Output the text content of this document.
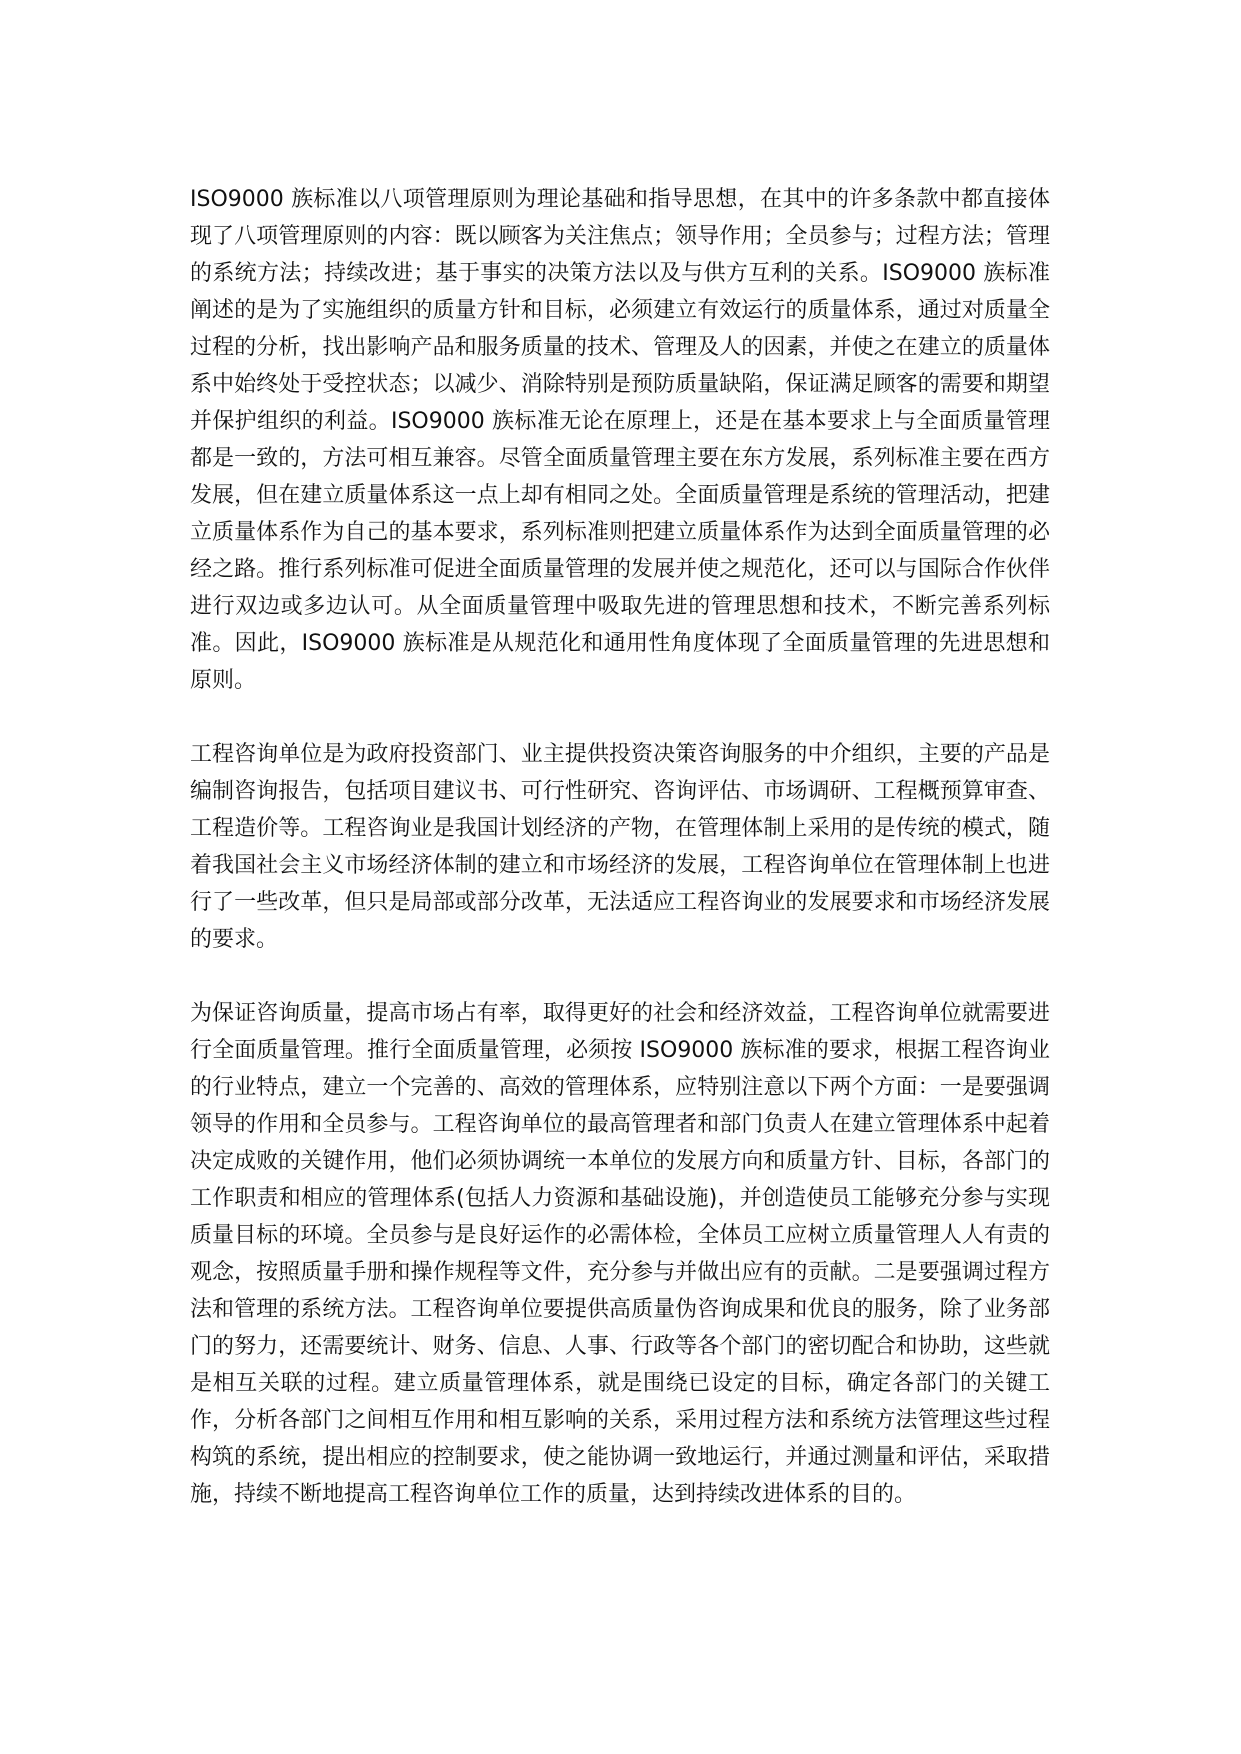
ISO9000 族标准以八项管理原则为理论基础和指导思想，在其中的许多条款中都直接体现了八项管理原则的内容：既以顾客为关注焦点；领导作用；全员参与；过程方法；管理的系统方法；持续改进；基于事实的决策方法以及与供方互利的关系。ISO9000 族标准阐述的是为了实施组织的质量方针和目标，必须建立有效运行的质量体系，通过对质量全过程的分析，找出影响产品和服务质量的技术、管理及人的因素，并使之在建立的质量体系中始终处于受控状态；以减少、消除特别是预防质量缺陷，保证满足顾客的需要和期望并保护组织的利益。ISO9000 族标准无论在原理上，还是在基本要求上与全面质量管理都是一致的，方法可相互兼容。尽管全面质量管理主要在东方发展，系列标准主要在西方发展，但在建立质量体系这一点上却有相同之处。全面质量管理是系统的管理活动，把建立质量体系作为自己的基本要求，系列标准则把建立质量体系作为达到全面质量管理的必经之路。推行系列标准可促进全面质量管理的发展并使之规范化，还可以与国际合作伙伴进行双边或多边认可。从全面质量管理中吸取先进的管理思想和技术，不断完善系列标准。因此，ISO9000 族标准是从规范化和通用性角度体现了全面质量管理的先进思想和原则。

工程咨询单位是为政府投资部门、业主提供投资决策咨询服务的中介组织，主要的产品是编制咨询报告，包括项目建议书、可行性研究、咨询评估、市场调研、工程概预算审查、工程造价等。工程咨询业是我国计划经济的产物，在管理体制上采用的是传统的模式，随着我国社会主义市场经济体制的建立和市场经济的发展，工程咨询单位在管理体制上也进行了一些改革，但只是局部或部分改革，无法适应工程咨询业的发展要求和市场经济发展的要求。

为保证咨询质量，提高市场占有率，取得更好的社会和经济效益，工程咨询单位就需要进行全面质量管理。推行全面质量管理，必须按 ISO9000 族标准的要求，根据工程咨询业的行业特点，建立一个完善的、高效的管理体系，应特别注意以下两个方面：一是要强调领导的作用和全员参与。工程咨询单位的最高管理者和部门负责人在建立管理体系中起着决定成败的关键作用，他们必须协调统一本单位的发展方向和质量方针、目标，各部门的工作职责和相应的管理体系(包括人力资源和基础设施)，并创造使员工能够充分参与实现质量目标的环境。全员参与是良好运作的必需体检，全体员工应树立质量管理人人有责的观念，按照质量手册和操作规程等文件，充分参与并做出应有的贡献。二是要强调过程方法和管理的系统方法。工程咨询单位要提供高质量伪咨询成果和优良的服务，除了业务部门的努力，还需要统计、财务、信息、人事、行政等各个部门的密切配合和协助，这些就是相互关联的过程。建立质量管理体系，就是围绕已设定的目标，确定各部门的关键工作，分析各部门之间相互作用和相互影响的关系，采用过程方法和系统方法管理这些过程构筑的系统，提出相应的控制要求，使之能协调一致地运行，并通过测量和评估，采取措施，持续不断地提高工程咨询单位工作的质量，达到持续改进体系的目的。
